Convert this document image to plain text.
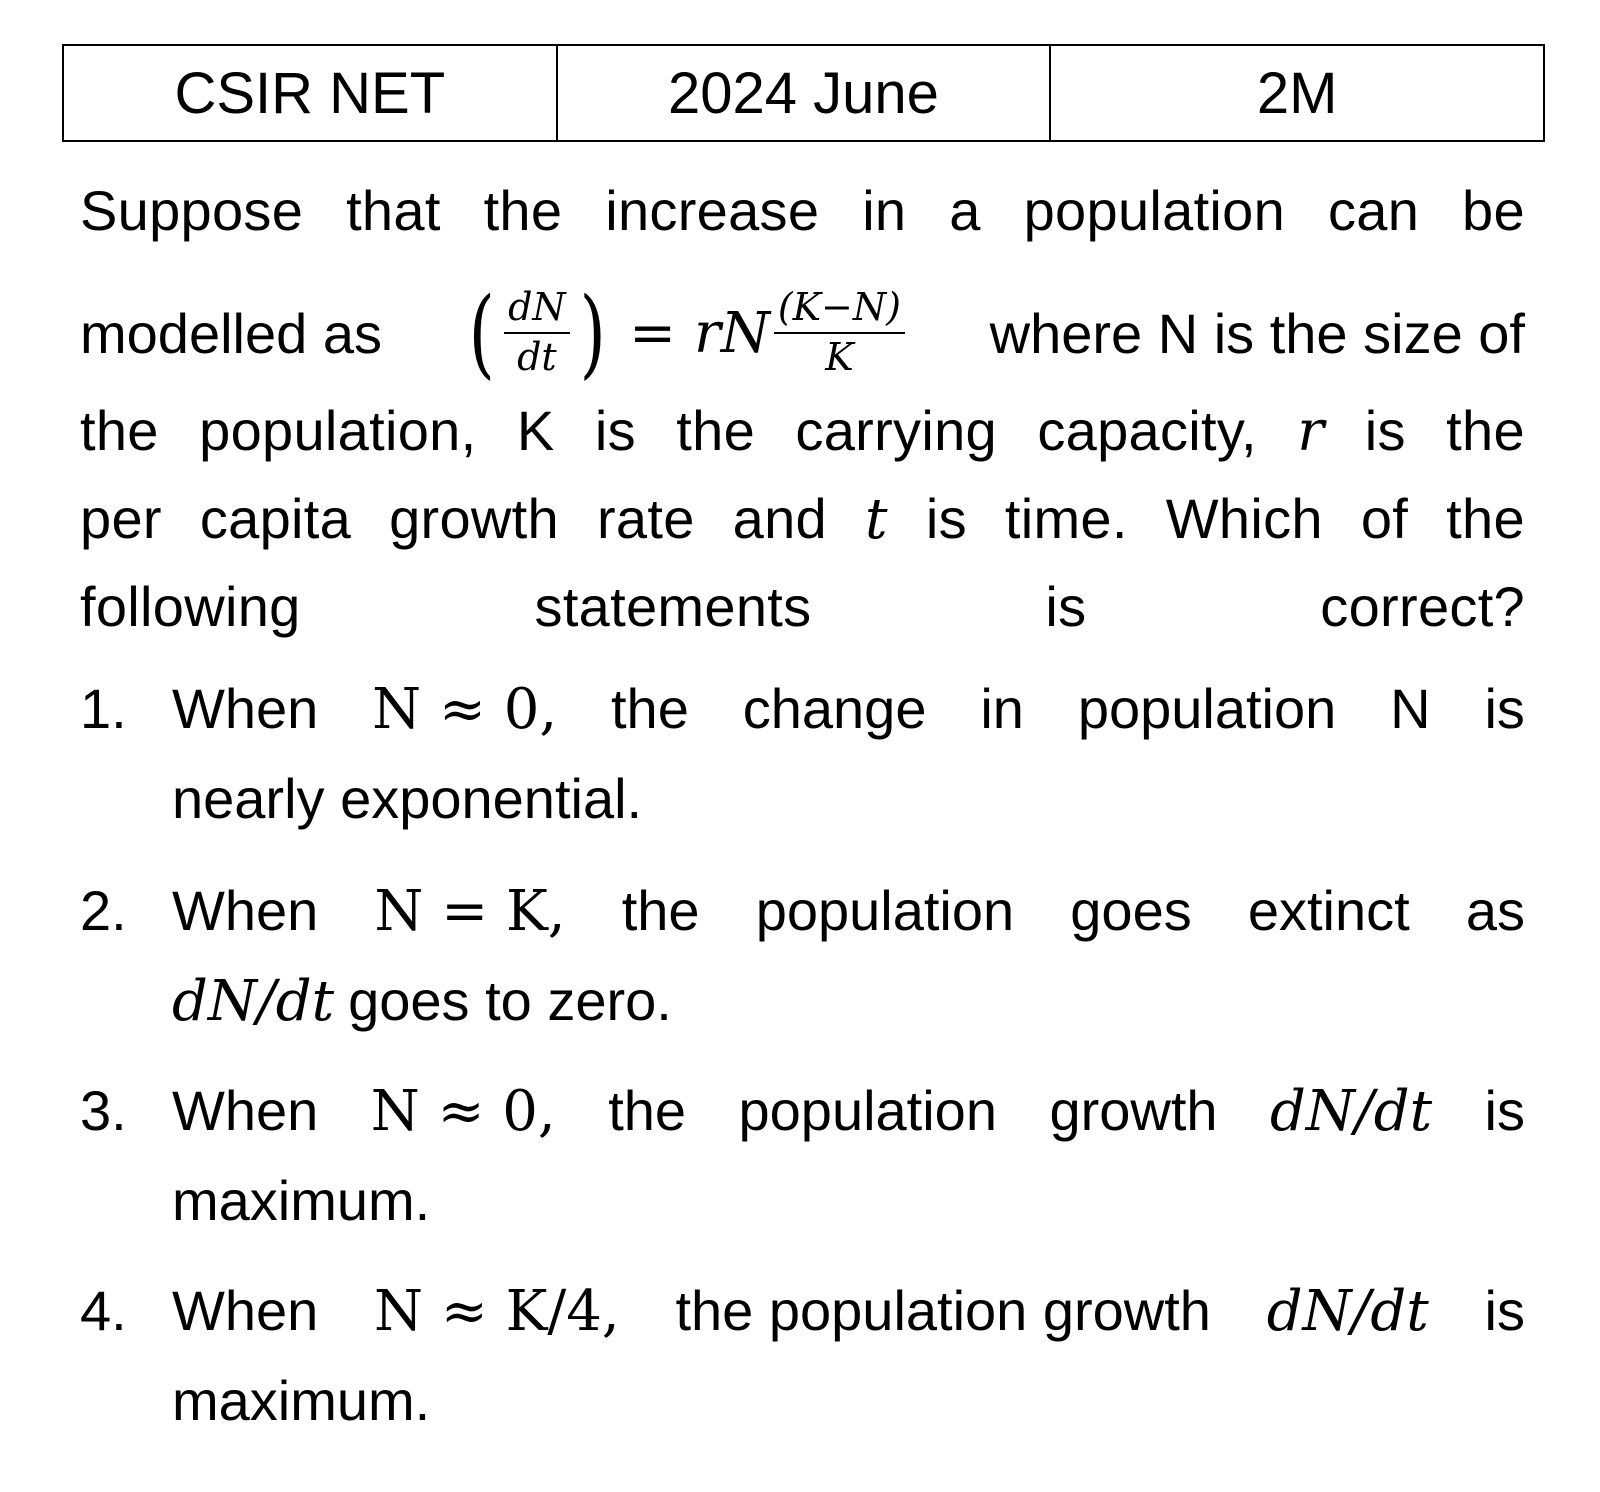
CSIR NET	2024 June	2M
Suppose that the increase in a population can be
modelled as ( $\frac{dN}{dt}$ ) = rN $\frac{(K-N)}{K}$ where N is the size of
the population, K is the carrying capacity, r is the
per capita growth rate and t is time. Which of the
following statements is correct?
1. When N ≈ 0, the change in population N is
nearly exponential.
2. When N = K, the population goes extinct as
dN/dt goes to zero.
3. When N ≈ 0, the population growth dN/dt is
maximum.
4. When N ≈ K/4, the population growth dN/dt is
maximum.
